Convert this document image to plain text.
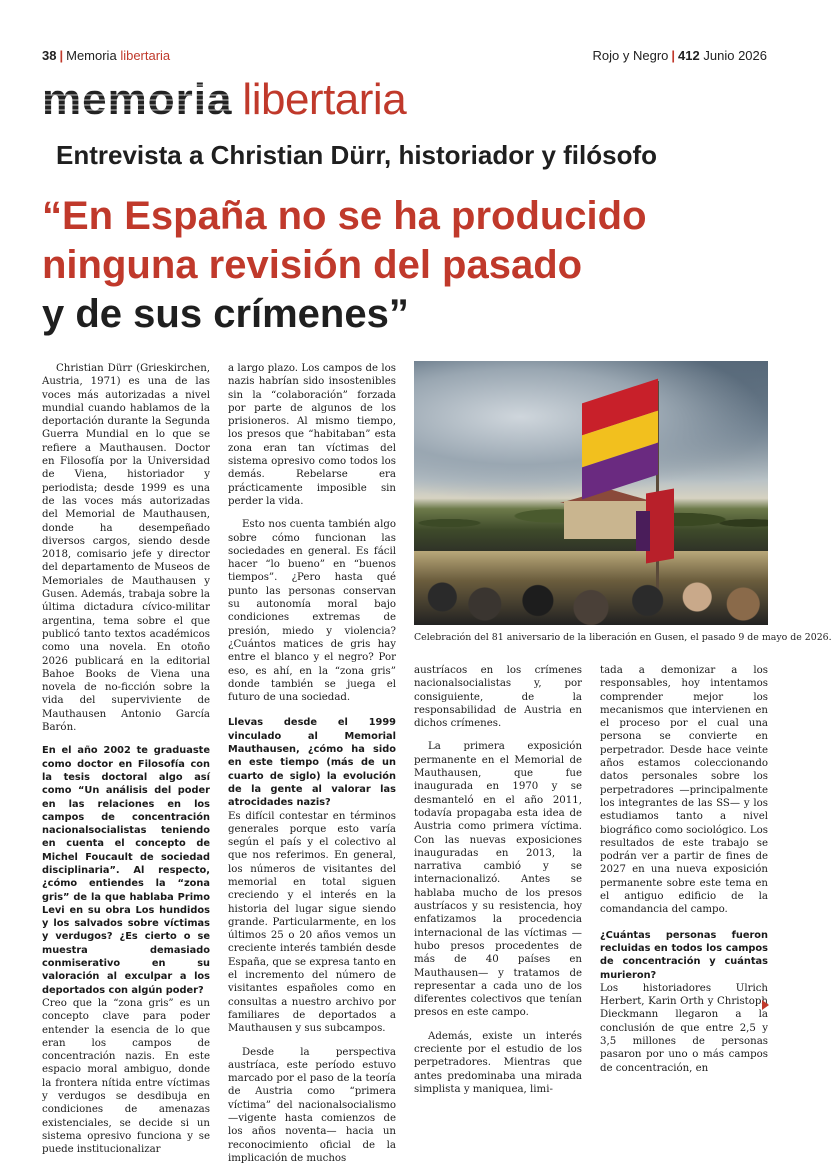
38 | Memoria libertaria	Rojo y Negro | 412 Junio 2026
memoria libertaria
Entrevista a Christian Dürr, historiador y filósofo
“En España no se ha producido
ninguna revisión del pasado
y de sus crímenes”

Christian Dürr (Grieskirchen, Austria, 1971) es una de las voces más autorizadas a nivel mundial cuando hablamos de la deportación durante la Segunda Guerra Mundial en lo que se refiere a Mauthausen. Doctor en Filosofía por la Universidad de Viena, historiador y periodista; desde 1999 es una de las voces más autorizadas del Memorial de Mauthausen, donde ha desempeñado diversos cargos, siendo desde 2018, comisario jefe y director del departamento de Museos de Memoriales de Mauthausen y Gusen. Además, trabaja sobre la última dictadura cívico-militar argentina, tema sobre el que publicó tanto textos académicos como una novela. En otoño 2026 publicará en la editorial Bahoe Books de Viena una novela de no-ficción sobre la vida del superviviente de Mauthausen Antonio García Barón.

En el año 2002 te graduaste como doctor en Filosofía con la tesis doctoral algo así como “Un análisis del poder en las relaciones en los campos de concentración nacionalsocialistas teniendo en cuenta el concepto de Michel Foucault de sociedad disciplinaria”. Al respecto, ¿cómo entiendes la “zona gris” de la que hablaba Primo Levi en su obra Los hundidos y los salvados sobre víctimas y verdugos? ¿Es cierto o se muestra demasiado conmiserativo en su valoración al exculpar a los deportados con algún poder?

Creo que la “zona gris” es un concepto clave para poder entender la esencia de lo que eran los campos de concentración nazis. En este espacio moral ambiguo, donde la frontera nítida entre víctimas y verdugos se desdibuja en condiciones de amenazas existenciales, se decide si un sistema opresivo funciona y se puede institucionalizar

a largo plazo. Los campos de los nazis habrían sido insostenibles sin la “colaboración” forzada por parte de algunos de los prisioneros. Al mismo tiempo, los presos que “habitaban” esta zona eran tan víctimas del sistema opresivo como todos los demás. Rebelarse era prácticamente imposible sin perder la vida.

Esto nos cuenta también algo sobre cómo funcionan las sociedades en general. Es fácil hacer “lo bueno” en “buenos tiempos”. ¿Pero hasta qué punto las personas conservan su autonomía moral bajo condiciones extremas de presión, miedo y violencia? ¿Cuántos matices de gris hay entre el blanco y el negro? Por eso, es ahí, en la “zona gris” donde también se juega el futuro de una sociedad.

Llevas desde el 1999 vinculado al Memorial Mauthausen, ¿cómo ha sido en este tiempo (más de un cuarto de siglo) la evolución de la gente al valorar las atrocidades nazis?

Es difícil contestar en términos generales porque esto varía según el país y el colectivo al que nos referimos. En general, los números de visitantes del memorial en total siguen creciendo y el interés en la historia del lugar sigue siendo grande. Particularmente, en los últimos 25 o 20 años vemos un creciente interés también desde España, que se expresa tanto en el incremento del número de visitantes españoles como en consultas a nuestro archivo por familiares de deportados a Mauthausen y sus subcampos.

Desde la perspectiva austríaca, este período estuvo marcado por el paso de la teoría de Austria como “primera víctima” del nacionalsocialismo —vigente hasta comienzos de los años noventa— hacia un reconocimiento oficial de la implicación de muchos

Celebración del 81 aniversario de la liberación en Gusen, el pasado 9 de mayo de 2026.

austríacos en los crímenes nacionalsocialistas y, por consiguiente, de la responsabilidad de Austria en dichos crímenes.

La primera exposición permanente en el Memorial de Mauthausen, que fue inaugurada en 1970 y se desmanteló en el año 2011, todavía propagaba esta idea de Austria como primera víctima. Con las nuevas exposiciones inauguradas en 2013, la narrativa cambió y se internacionalizó. Antes se hablaba mucho de los presos austríacos y su resistencia, hoy enfatizamos la procedencia internacional de las víctimas —hubo presos procedentes de más de 40 países en Mauthausen— y tratamos de representar a cada uno de los diferentes colectivos que tenían presos en este campo.

Además, existe un interés creciente por el estudio de los perpetradores. Mientras que antes predominaba una mirada simplista y maniquea, limi-

tada a demonizar a los responsables, hoy intentamos comprender mejor los mecanismos que intervienen en el proceso por el cual una persona se convierte en perpetrador. Desde hace veinte años estamos coleccionando datos personales sobre los perpetradores —principalmente los integrantes de las SS— y los estudiamos tanto a nivel biográfico como sociológico. Los resultados de este trabajo se podrán ver a partir de fines de 2027 en una nueva exposición permanente sobre este tema en el antiguo edificio de la comandancia del campo.

¿Cuántas personas fueron recluidas en todos los campos de concentración y cuántas murieron?

Los historiadores Ulrich Herbert, Karin Orth y Christoph Dieckmann llegaron a la conclusión de que entre 2,5 y 3,5 millones de personas pasaron por uno o más campos de concentración, en
